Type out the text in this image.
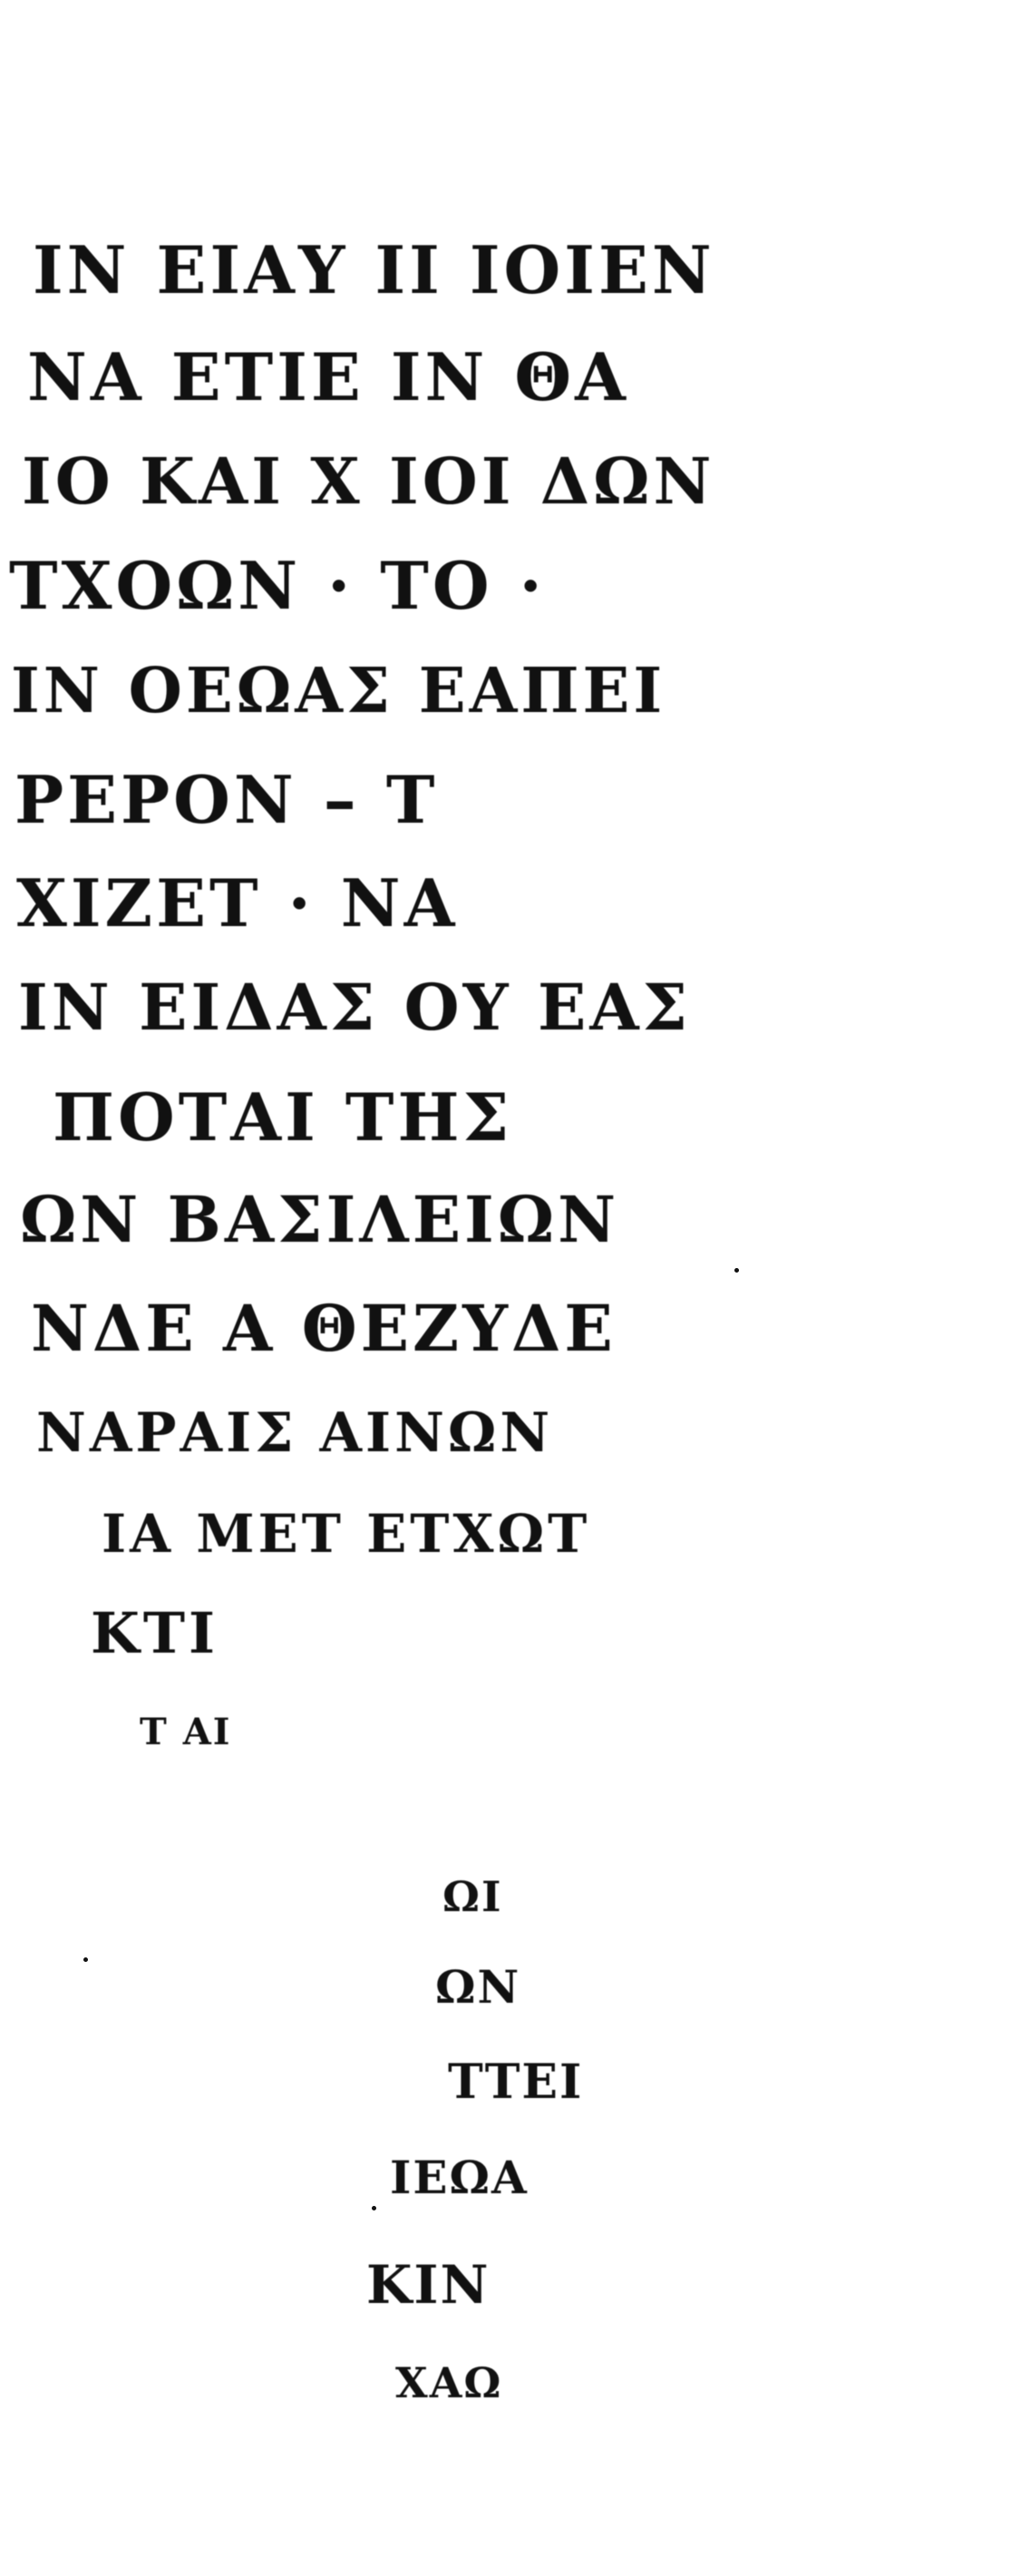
ΙΝ ΕΙΑΥ ΙΙ ΙΟΙΕΝ
ΝΑ ΕΤΙΕ ΙΝ ΘΑ
ΙΟ ΚΑΙ Χ ΙΟΙ ΔΩΝ
ΤΧΟΩΝ · ΤΟ ·
ΙΝ ΟΕΩΑΣ ΕΑΠΕΙ
ΡΕΡΟΝ – Τ
ΧΙΖΕΤ · ΝΑ
ΙΝ ΕΙΔΑΣ ΟΥ ΕΑΣ
ΠΟΤΑΙ ΤΗΣ
ΩΝ ΒΑΣΙΛΕΙΩΝ
ΝΔΕ Α ΘΕΖΥΔΕ
ΝΑΡΑΙΣ ΑΙΝΩΝ
ΙΑ ΜΕΤ ΕΤΧΩΤ
ΚΤΙ
Τ ΑΙ
ΩΙ
ΩΝ
ΤΤΕΙ
ΙΕΩΑ
ΚΙΝ
ΧΑΩ
